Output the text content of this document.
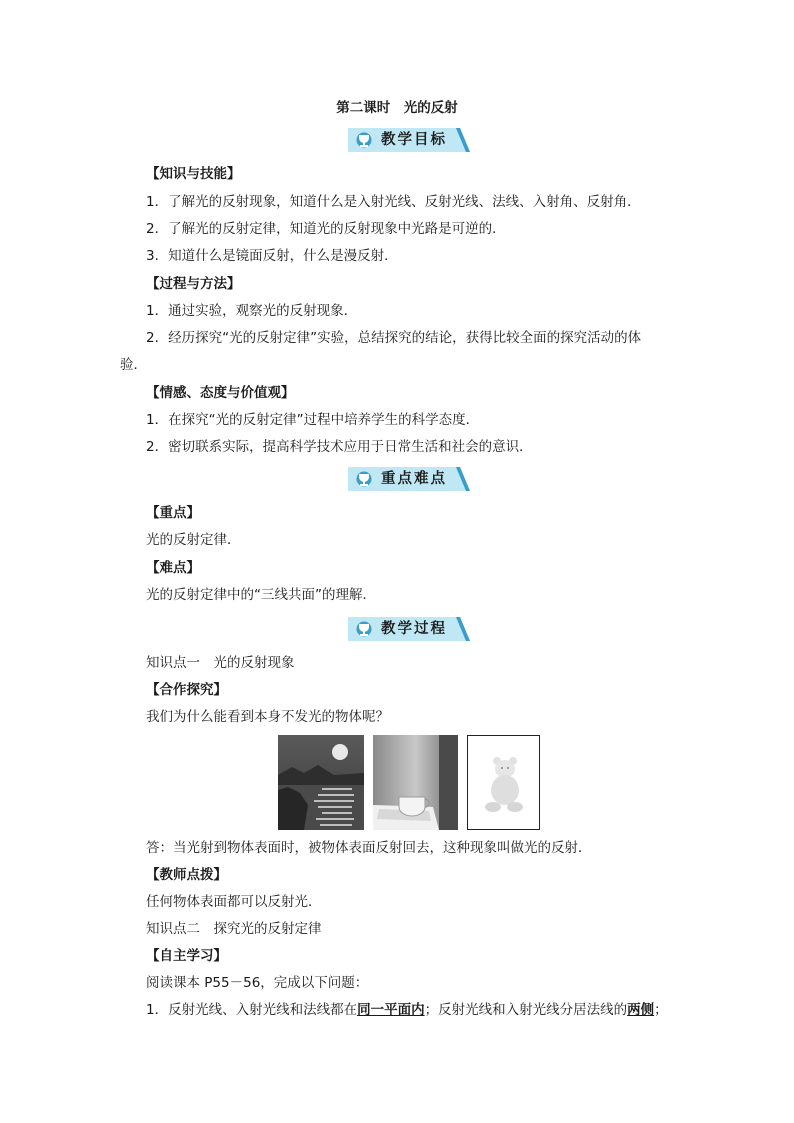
第二课时　光的反射
教学目标
【知识与技能】
1．了解光的反射现象，知道什么是入射光线、反射光线、法线、入射角、反射角．
2．了解光的反射定律，知道光的反射现象中光路是可逆的．
3．知道什么是镜面反射，什么是漫反射．
【过程与方法】
1．通过实验，观察光的反射现象．
2．经历探究“光的反射定律”实验，总结探究的结论，获得比较全面的探究活动的体
验．
【情感、态度与价值观】
1．在探究“光的反射定律”过程中培养学生的科学态度．
2．密切联系实际，提高科学技术应用于日常生活和社会的意识．
重点难点
【重点】
光的反射定律．
【难点】
光的反射定律中的“三线共面”的理解．
教学过程
知识点一　光的反射现象
【合作探究】
我们为什么能看到本身不发光的物体呢？
答：当光射到物体表面时，被物体表面反射回去，这种现象叫做光的反射．
【教师点拨】
任何物体表面都可以反射光．
知识点二　探究光的反射定律
【自主学习】
阅读课本 P55－56，完成以下问题：
1．反射光线、入射光线和法线都在同一平面内；反射光线和入射光线分居法线的两侧；
